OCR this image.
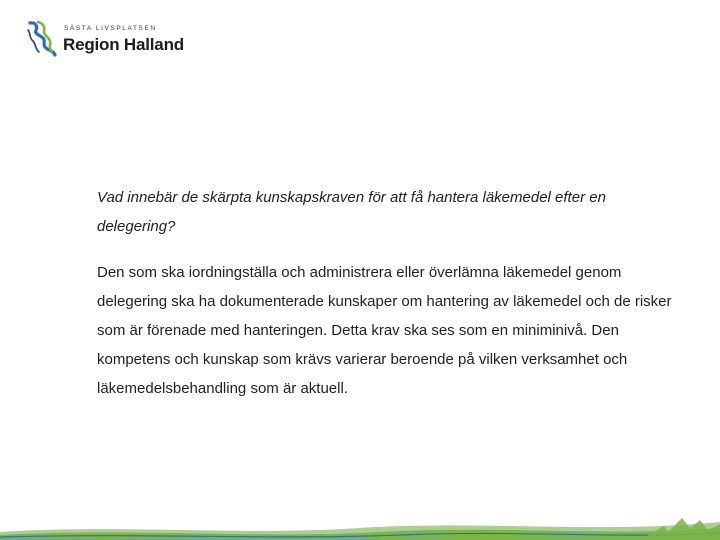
SÄSTA LIVSPLATSEN
Region Halland

Vad innebär de skärpta kunskapskraven för att få hantera läkemedel efter en delegering?

Den som ska iordningställa och administrera eller överlämna läkemedel genom delegering ska ha dokumenterade kunskaper om hantering av läkemedel och de risker som är förenade med hanteringen. Detta krav ska ses som en miniminivå. Den kompetens och kunskap som krävs varierar beroende på vilken verksamhet och läkemedelsbehandling som är aktuell.
